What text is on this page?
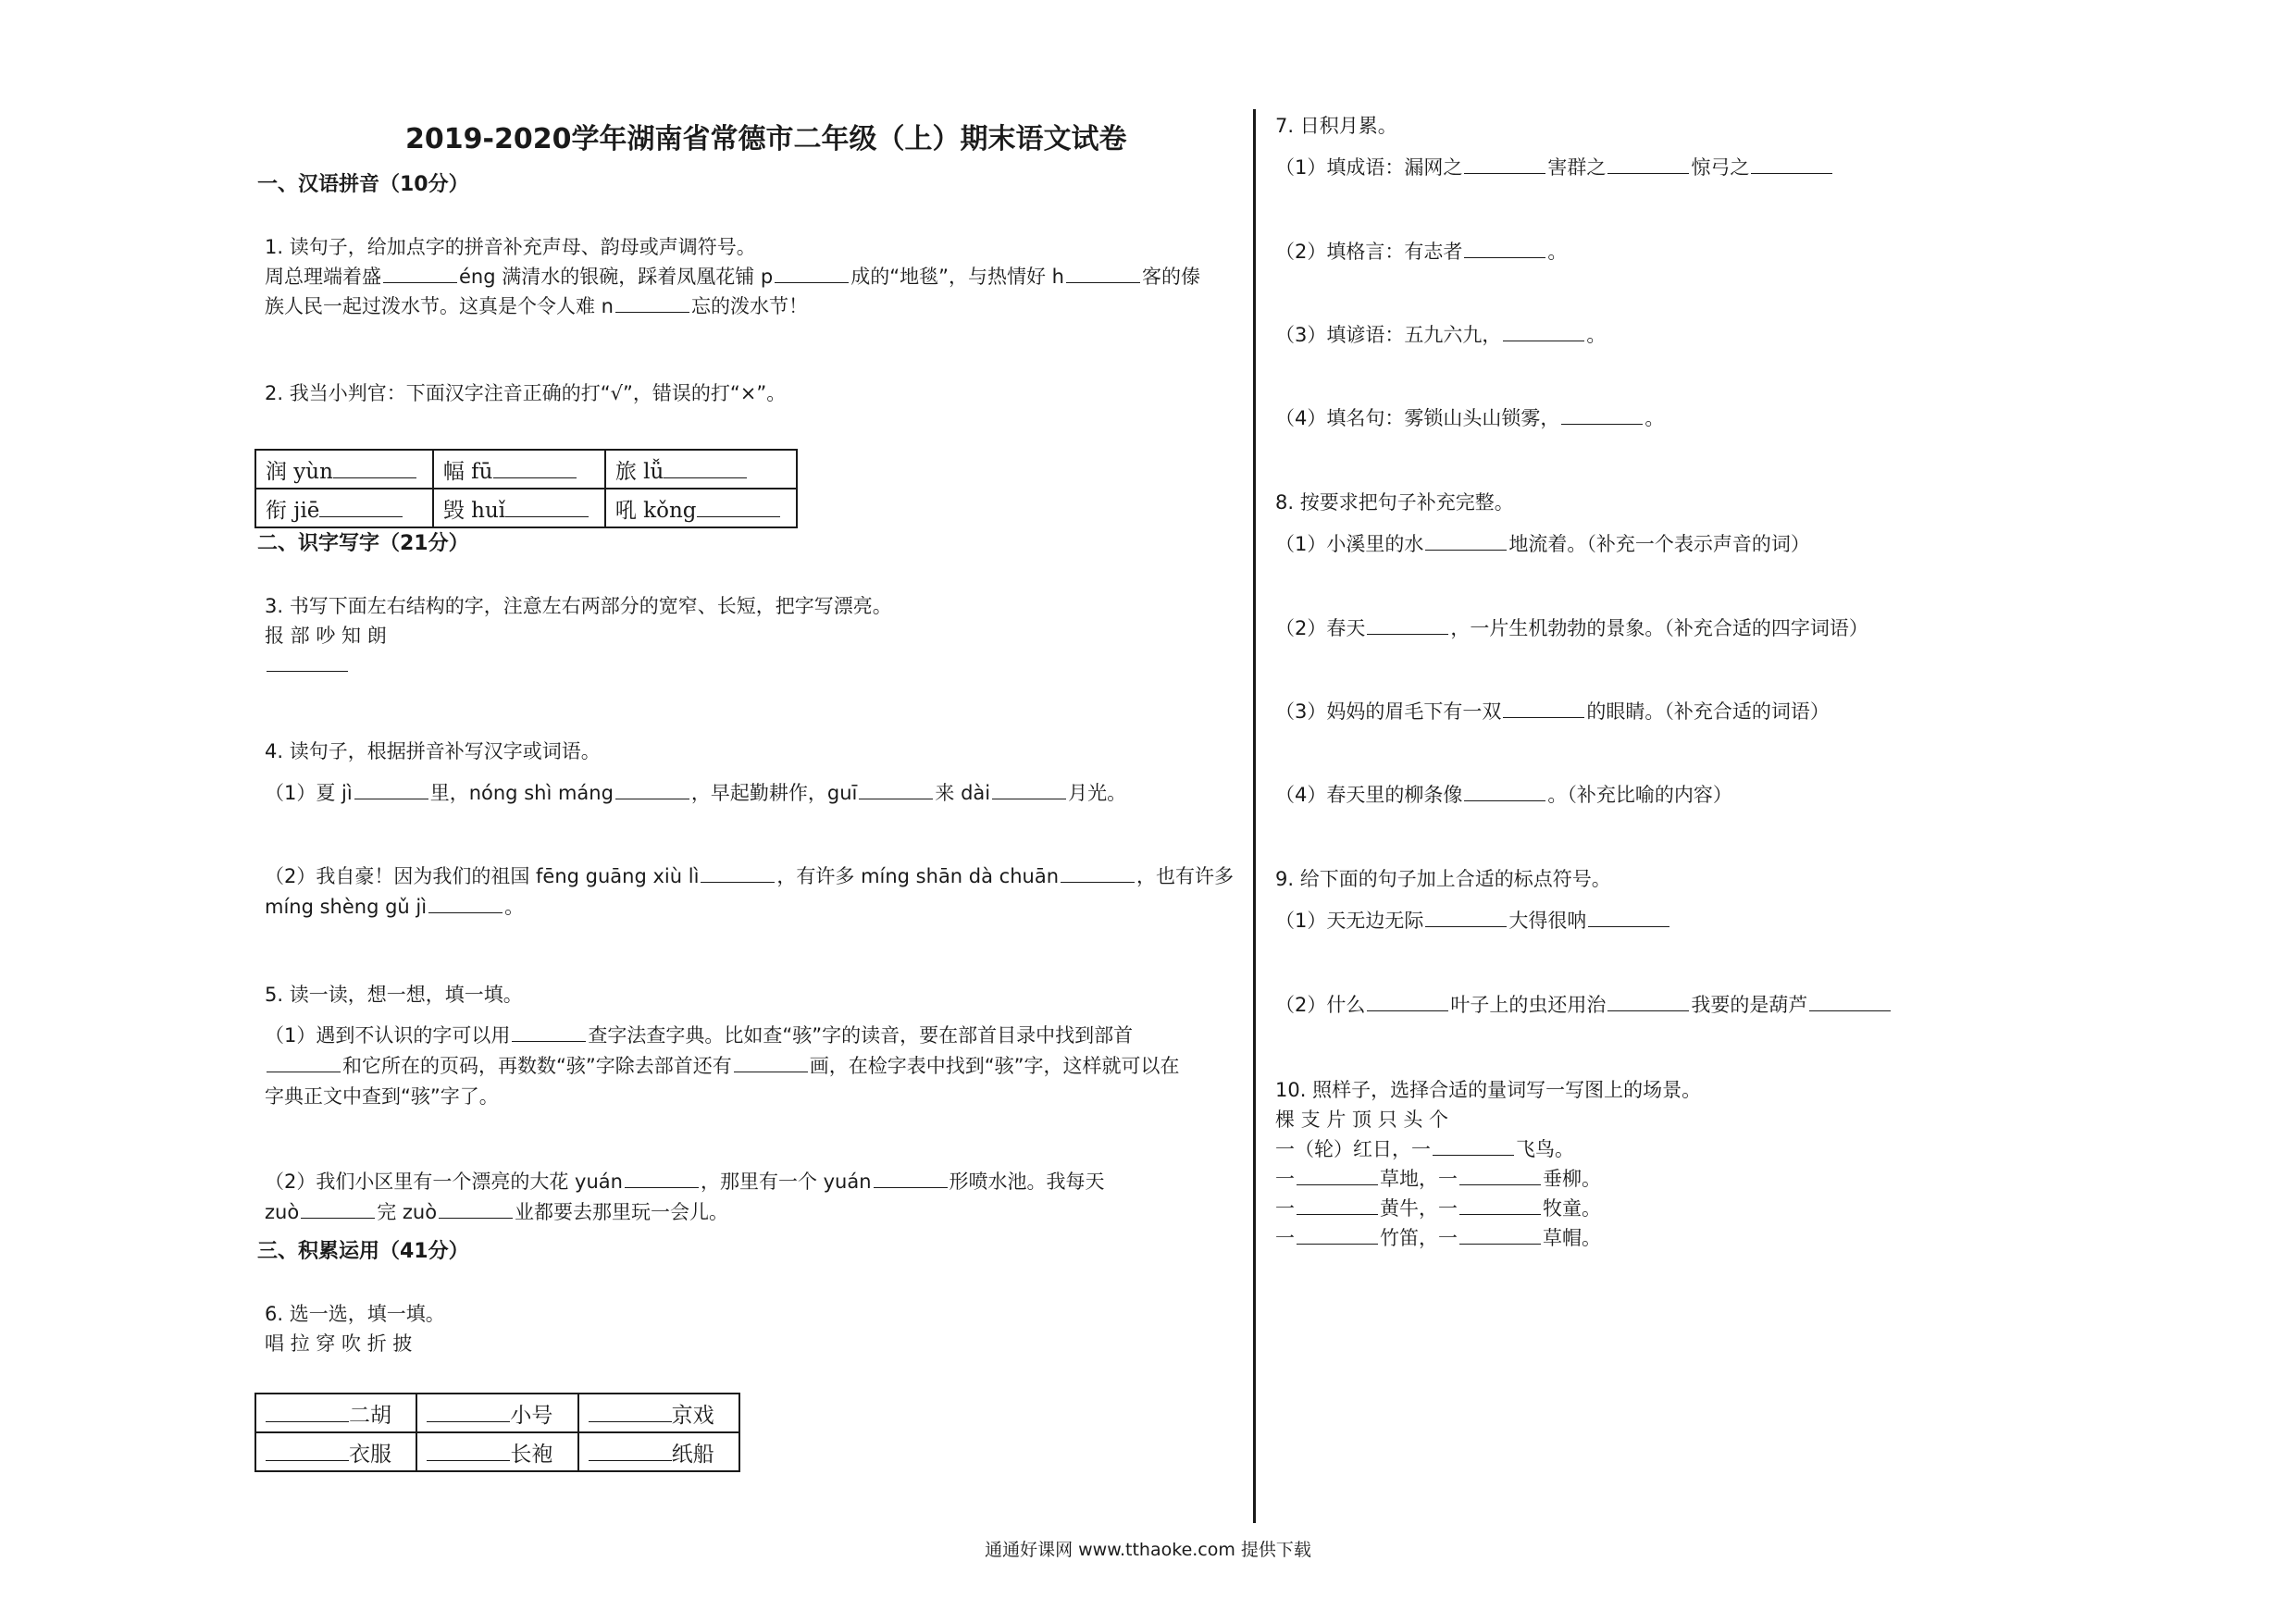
2019-2020学年湖南省常德市二年级（上）期末语文试卷
一、汉语拼音（10分）
1. 读句子，给加点字的拼音补充声母、韵母或声调符号。
周总理端着盛	éng 满清水的银碗，踩着凤凰花铺 p	成的“地毯”，与热情好 h	客的傣
族人民一起过泼水节。这真是个令人难 n	忘的泼水节！
2. 我当小判官：下面汉字注音正确的打“√”，错误的打“×”。
润 yùn	幅 fū	旅 lǚ
衔 jiē	毁 huǐ	吼 kǒng
二、识字写字（21分）
3. 书写下面左右结构的字，注意左右两部分的宽窄、长短，把字写漂亮。
报 部 吵 知 朗
4. 读句子，根据拼音补写汉字或词语。
（1）夏 jì	里，nóng shì máng	，早起勤耕作，guī	来 dài	月光。
（2）我自豪！因为我们的祖国 fēng guāng xiù lì	，有许多 míng shān dà chuān	，也有许多
míng shèng gǔ jì	。
5. 读一读，想一想，填一填。
（1）遇到不认识的字可以用	查字法查字典。比如查“骇”字的读音，要在部首目录中找到部首
和它所在的页码，再数数“骇”字除去部首还有	画，在检字表中找到“骇”字，这样就可以在
字典正文中查到“骇”字了。
（2）我们小区里有一个漂亮的大花 yuán	，那里有一个 yuán	形喷水池。我每天
zuò	完 zuò	业都要去那里玩一会儿。
三、积累运用（41分）
6. 选一选，填一填。
唱 拉 穿 吹 折 披
二胡	小号	京戏
衣服	长袍	纸船
7. 日积月累。
（1）填成语：漏网之	害群之	惊弓之
（2）填格言：有志者	。
（3）填谚语：五九六九，	。
（4）填名句：雾锁山头山锁雾，	。
8. 按要求把句子补充完整。
（1）小溪里的水	地流着。（补充一个表示声音的词）
（2）春天	，一片生机勃勃的景象。（补充合适的四字词语）
（3）妈妈的眉毛下有一双	的眼睛。（补充合适的词语）
（4）春天里的柳条像	。（补充比喻的内容）
9. 给下面的句子加上合适的标点符号。
（1）天无边无际	大得很呐
（2）什么	叶子上的虫还用治	我要的是葫芦
10. 照样子，选择合适的量词写一写图上的场景。
棵 支 片 顶 只 头 个
一（轮）红日，一	飞鸟。
一	草地，一	垂柳。
一	黄牛，一	牧童。
一	竹笛，一	草帽。
通通好课网 www.tthaoke.com 提供下载
